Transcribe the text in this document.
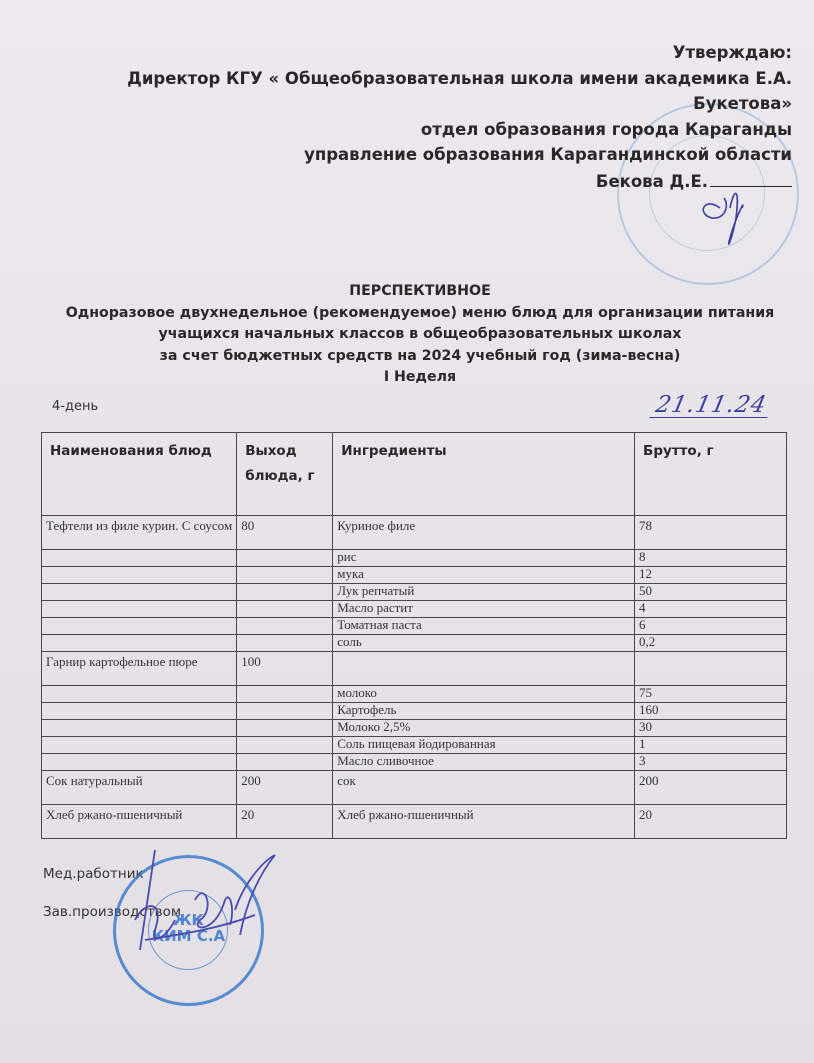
Утверждаю:
Директор КГУ « Общеобразовательная школа имени академика Е.А.
Букетова»
отдел образования города Караганды
управление образования Карагандинской области
Бекова Д.Е.
ПЕРСПЕКТИВНОЕ
Одноразовое двухнедельное (рекомендуемое) меню блюд для организации питания
учащихся начальных классов в общеобразовательных школах
за счет бюджетных средств на 2024 учебный год (зима-весна)
I Неделя
4-день	21.11.24
Наименования блюд	Выход блюда, г	Ингредиенты	Брутто, г
Тефтели из филе курин. С соусом	80	Куриное филе	78
		рис	8
		мука	12
		Лук репчатый	50
		Масло растит	4
		Томатная паста	6
		соль	0,2
Гарнир картофельное пюре	100		
		молоко	75
		Картофель	160
		Молоко 2,5%	30
		Соль пищевая йодированная	1
		Масло сливочное	3
Сок натуральный	200	сок	200
Хлеб ржано-пшеничный	20	Хлеб ржано-пшеничный	20
Мед.работник
Зав.производством
ЖК
КИМ С.А
